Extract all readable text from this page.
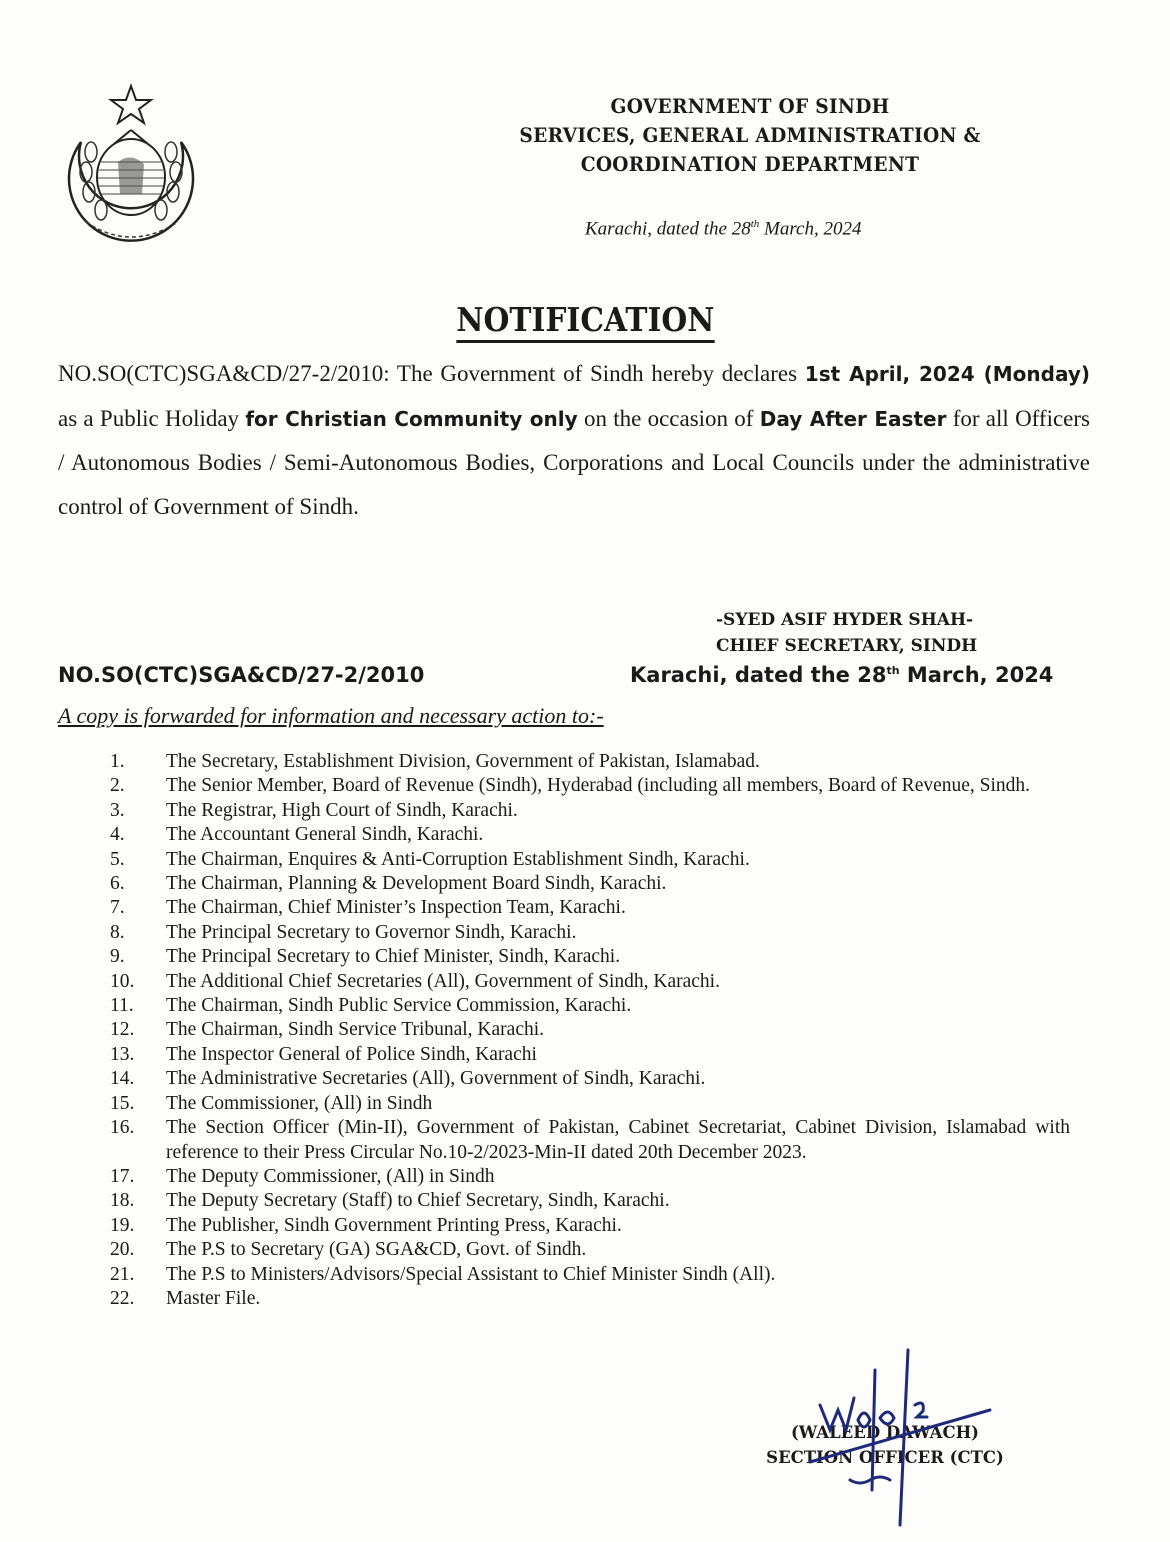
GOVERNMENT OF SINDH
SERVICES, GENERAL ADMINISTRATION &
COORDINATION DEPARTMENT
Karachi, dated the 28th March, 2024
NOTIFICATION
NO.SO(CTC)SGA&CD/27-2/2010: The Government of Sindh hereby declares 1st April, 2024 (Monday) as a Public Holiday for Christian Community only on the occasion of Day After Easter for all Officers / Autonomous Bodies / Semi-Autonomous Bodies, Corporations and Local Councils under the administrative control of Government of Sindh.
-SYED ASIF HYDER SHAH-
CHIEF SECRETARY, SINDH
NO.SO(CTC)SGA&CD/27-2/2010	Karachi, dated the 28th March, 2024
A copy is forwarded for information and necessary action to:-
1.	The Secretary, Establishment Division, Government of Pakistan, Islamabad.
2.	The Senior Member, Board of Revenue (Sindh), Hyderabad (including all members, Board of Revenue, Sindh.
3.	The Registrar, High Court of Sindh, Karachi.
4.	The Accountant General Sindh, Karachi.
5.	The Chairman, Enquires & Anti-Corruption Establishment Sindh, Karachi.
6.	The Chairman, Planning & Development Board Sindh, Karachi.
7.	The Chairman, Chief Minister’s Inspection Team, Karachi.
8.	The Principal Secretary to Governor Sindh, Karachi.
9.	The Principal Secretary to Chief Minister, Sindh, Karachi.
10.	The Additional Chief Secretaries (All), Government of Sindh, Karachi.
11.	The Chairman, Sindh Public Service Commission, Karachi.
12.	The Chairman, Sindh Service Tribunal, Karachi.
13.	The Inspector General of Police Sindh, Karachi
14.	The Administrative Secretaries (All), Government of Sindh, Karachi.
15.	The Commissioner, (All) in Sindh
16.	The Section Officer (Min-II), Government of Pakistan, Cabinet Secretariat, Cabinet Division, Islamabad with reference to their Press Circular No.10-2/2023-Min-II dated 20th December 2023.
17.	The Deputy Commissioner, (All) in Sindh
18.	The Deputy Secretary (Staff) to Chief Secretary, Sindh, Karachi.
19.	The Publisher, Sindh Government Printing Press, Karachi.
20.	The P.S to Secretary (GA) SGA&CD, Govt. of Sindh.
21.	The P.S to Ministers/Advisors/Special Assistant to Chief Minister Sindh (All).
22.	Master File.
(WALEED DAWACH)
SECTION OFFICER (CTC)
